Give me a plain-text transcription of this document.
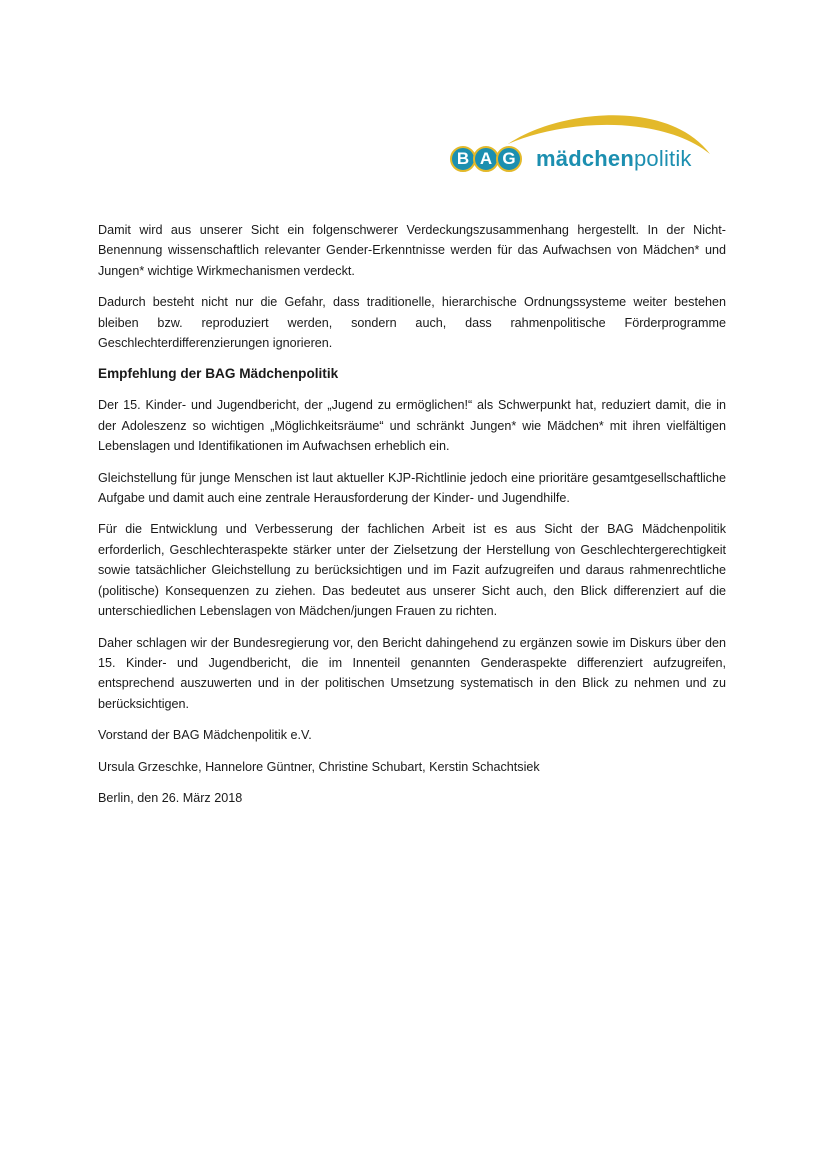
B A G mädchenpolitik

Damit wird aus unserer Sicht ein folgenschwerer Verdeckungszusammenhang hergestellt. In der Nicht-Benennung wissenschaftlich relevanter Gender-Erkenntnisse werden für das Aufwachsen von Mädchen* und Jungen* wichtige Wirkmechanismen verdeckt.

Dadurch besteht nicht nur die Gefahr, dass traditionelle, hierarchische Ordnungssysteme weiter bestehen bleiben bzw. reproduziert werden, sondern auch, dass rahmenpolitische Förderprogramme Geschlechterdifferenzierungen ignorieren.

Empfehlung der BAG Mädchenpolitik

Der 15. Kinder- und Jugendbericht, der „Jugend zu ermöglichen!“ als Schwerpunkt hat, reduziert damit, die in der Adoleszenz so wichtigen „Möglichkeitsräume“ und schränkt Jungen* wie Mädchen* mit ihren vielfältigen Lebenslagen und Identifikationen im Aufwachsen erheblich ein.

Gleichstellung für junge Menschen ist laut aktueller KJP-Richtlinie jedoch eine prioritäre gesamtgesellschaftliche Aufgabe und damit auch eine zentrale Herausforderung der Kinder- und Jugendhilfe.

Für die Entwicklung und Verbesserung der fachlichen Arbeit ist es aus Sicht der BAG Mädchenpolitik erforderlich, Geschlechteraspekte stärker unter der Zielsetzung der Herstellung von Geschlechtergerechtigkeit sowie tatsächlicher Gleichstellung zu berücksichtigen und im Fazit aufzugreifen und daraus rahmenrechtliche (politische) Konsequenzen zu ziehen. Das bedeutet aus unserer Sicht auch, den Blick differenziert auf die unterschiedlichen Lebenslagen von Mädchen/jungen Frauen zu richten.

Daher schlagen wir der Bundesregierung vor, den Bericht dahingehend zu ergänzen sowie im Diskurs über den 15. Kinder- und Jugendbericht, die im Innenteil genannten Genderaspekte differenziert aufzugreifen, entsprechend auszuwerten und in der politischen Umsetzung systematisch in den Blick zu nehmen und zu berücksichtigen.

Vorstand der BAG Mädchenpolitik e.V.

Ursula Grzeschke, Hannelore Güntner, Christine Schubart, Kerstin Schachtsiek

Berlin, den 26. März 2018
